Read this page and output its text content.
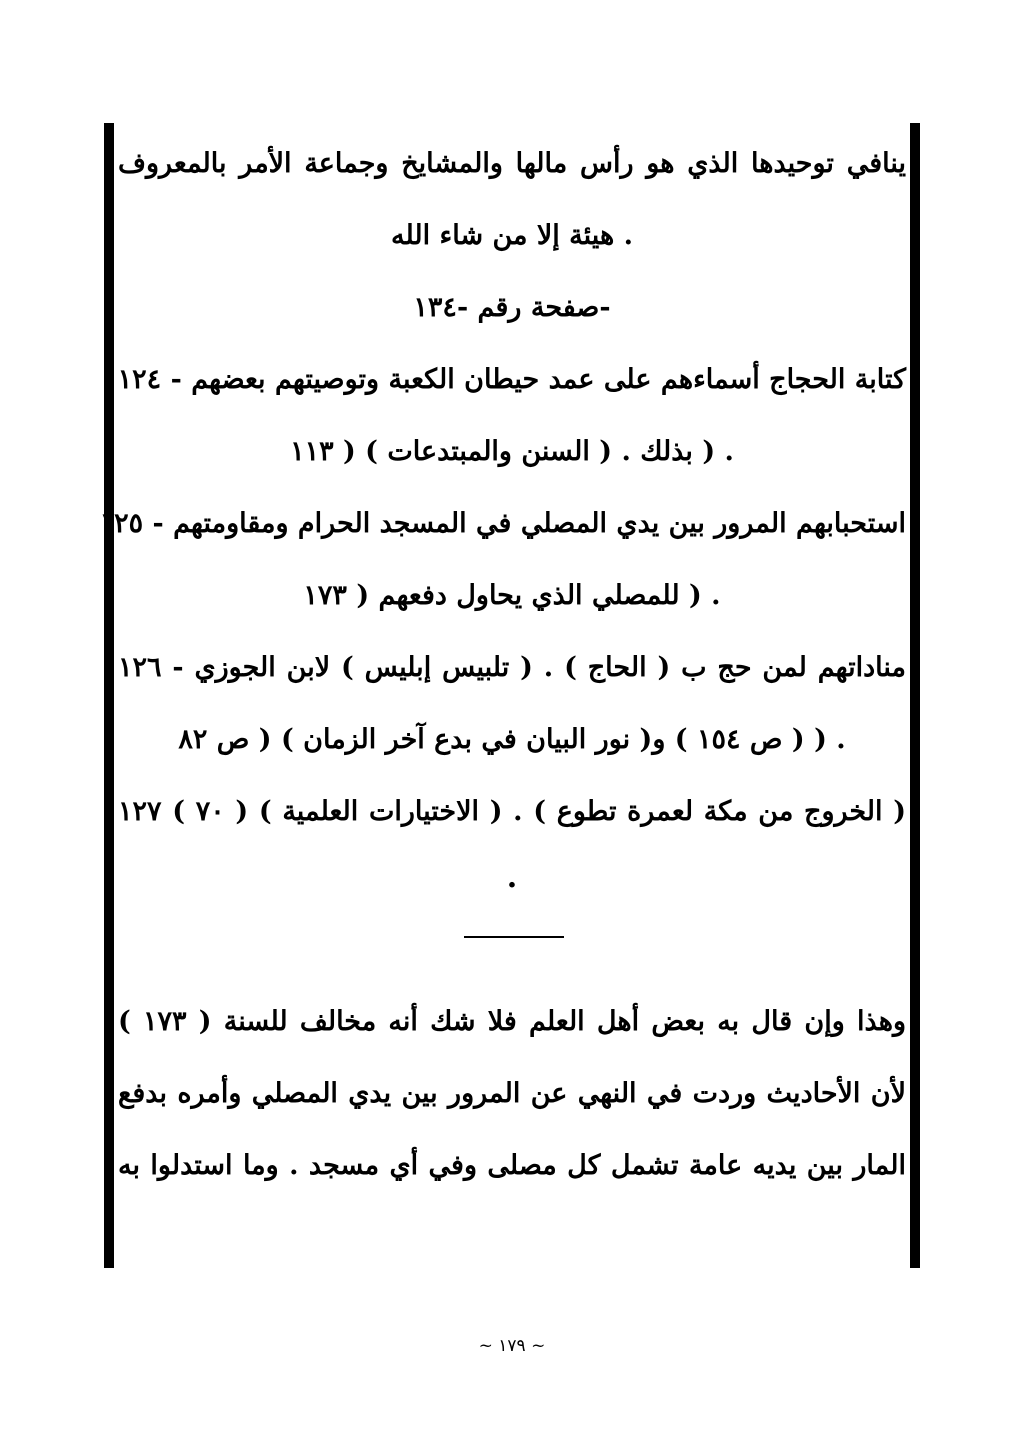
ينافي توحيدها الذي هو رأس مالها والمشايخ وجماعة الأمر بالمعروف
. هيئة إلا من شاء الله
-صفحة رقم -١٣٤
كتابة الحجاج أسماءهم على عمد حيطان الكعبة وتوصيتهم بعضهم - ١٢٤
. ( بذلك . ( السنن والمبتدعات ) ( ١١٣
استحبابهم المرور بين يدي المصلي في المسجد الحرام ومقاومتهم - ١٢٥
. ( للمصلي الذي يحاول دفعهم ( ١٧٣
مناداتهم لمن حج ب ( الحاج ) . ( تلبيس إبليس ) لابن الجوزي - ١٢٦
. ( ( ص ١٥٤ ) و( نور البيان في بدع آخر الزمان ) ( ص ٨٢
( الخروج من مكة لعمرة تطوع ) . ( الاختيارات العلمية ) ( ٧٠ ) ١٢٧
.
وهذا وإن قال به بعض أهل العلم فلا شك أنه مخالف للسنة ( ١٧٣ )
لأن الأحاديث وردت في النهي عن المرور بين يدي المصلي وأمره بدفع
المار بين يديه عامة تشمل كل مصلى وفي أي مسجد . وما استدلوا به
~ ١٧٩ ~
